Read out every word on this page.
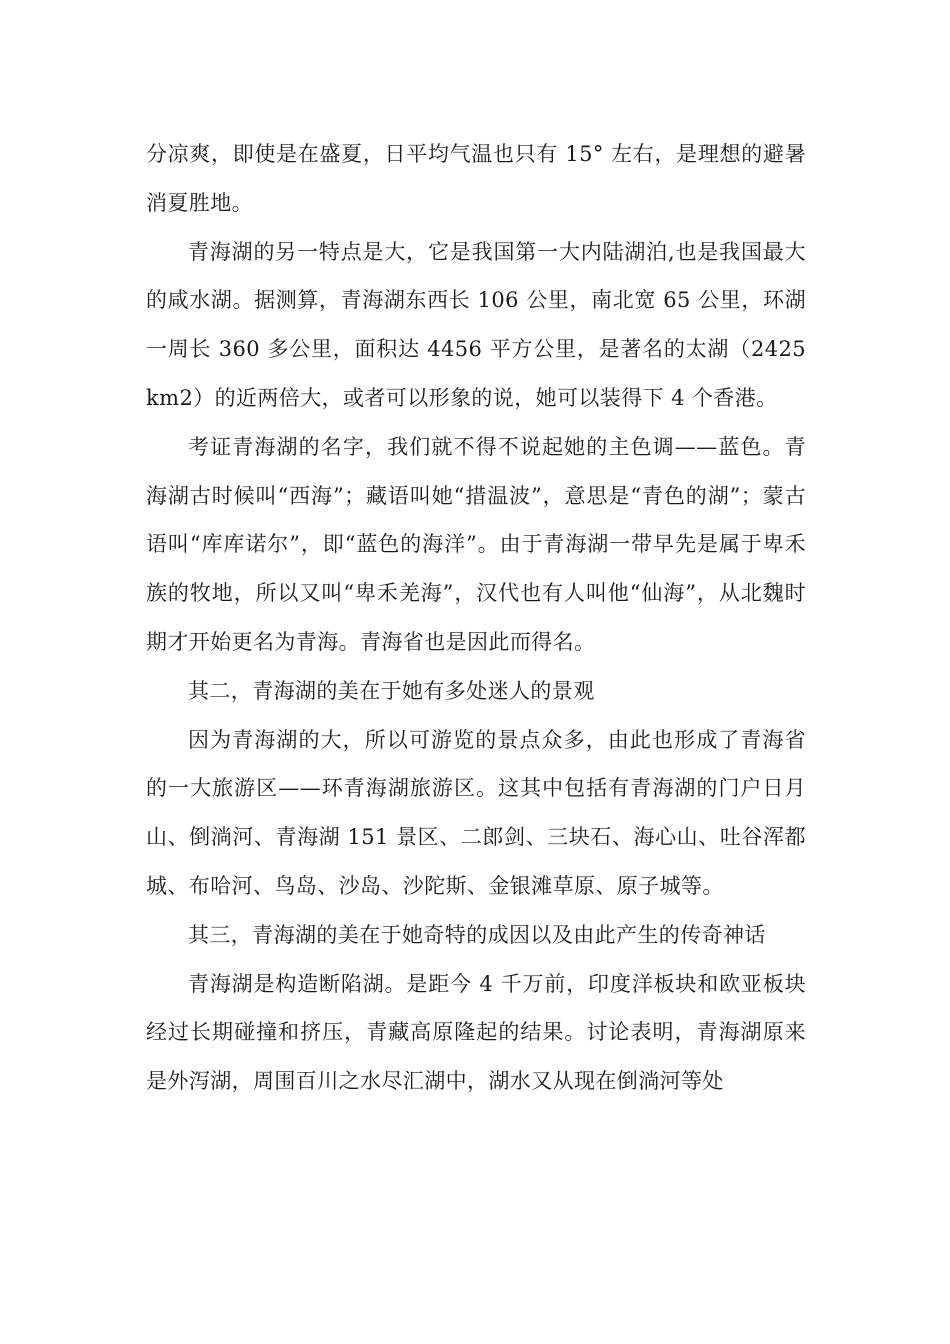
分凉爽，即使是在盛夏，日平均气温也只有 15° 左右，是理想的避暑消夏胜地。

青海湖的另一特点是大，它是我国第一大内陆湖泊,也是我国最大的咸水湖。据测算，青海湖东西长 106 公里，南北宽 65 公里，环湖一周长 360 多公里，面积达 4456 平方公里，是著名的太湖（2425km2）的近两倍大，或者可以形象的说，她可以装得下 4 个香港。

考证青海湖的名字，我们就不得不说起她的主色调——蓝色。青海湖古时候叫“西海”；藏语叫她“措温波”，意思是“青色的湖”；蒙古语叫“库库诺尔”，即“蓝色的海洋”。由于青海湖一带早先是属于卑禾族的牧地，所以又叫“卑禾羌海”，汉代也有人叫他“仙海”，从北魏时期才开始更名为青海。青海省也是因此而得名。

其二，青海湖的美在于她有多处迷人的景观

因为青海湖的大，所以可游览的景点众多，由此也形成了青海省的一大旅游区——环青海湖旅游区。这其中包括有青海湖的门户日月山、倒淌河、青海湖 151 景区、二郎剑、三块石、海心山、吐谷浑都城、布哈河、鸟岛、沙岛、沙陀斯、金银滩草原、原子城等。

其三，青海湖的美在于她奇特的成因以及由此产生的传奇神话

青海湖是构造断陷湖。是距今 4 千万前，印度洋板块和欧亚板块经过长期碰撞和挤压，青藏高原隆起的结果。讨论表明，青海湖原来是外泻湖，周围百川之水尽汇湖中，湖水又从现在倒淌河等处
